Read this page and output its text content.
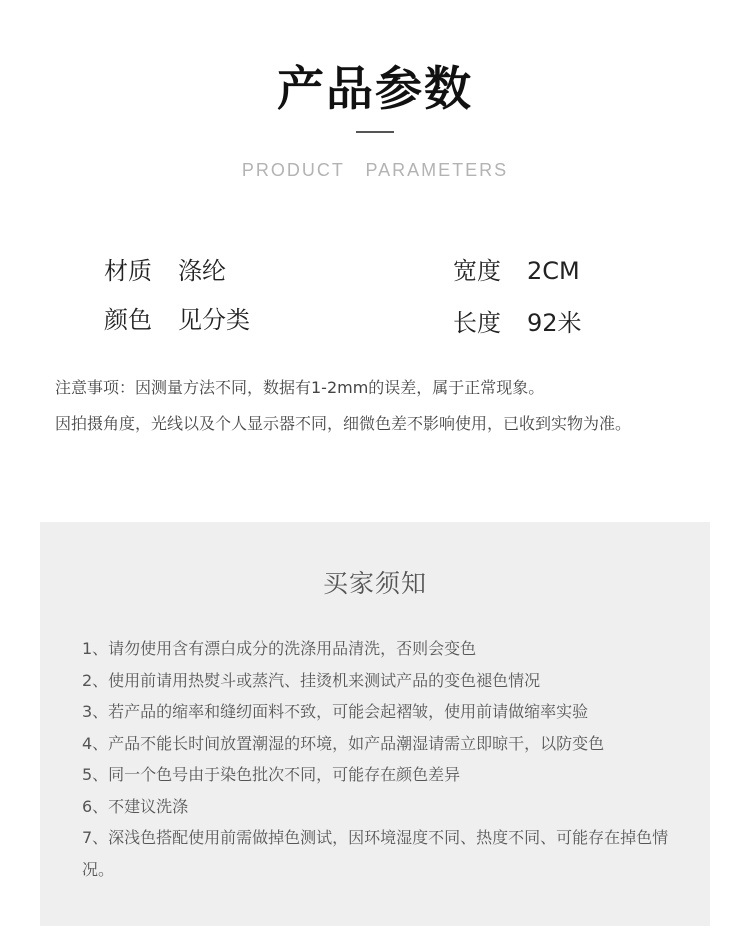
产品参数
PRODUCT   PARAMETERS
材质 涤纶
颜色 见分类
宽度 2CM
长度 92米
注意事项：因测量方法不同，数据有1-2mm的误差，属于正常现象。
因拍摄角度，光线以及个人显示器不同，细微色差不影响使用，已收到实物为准。
买家须知
1、请勿使用含有漂白成分的洗涤用品清洗，否则会变色
2、使用前请用热熨斗或蒸汽、挂烫机来测试产品的变色褪色情况
3、若产品的缩率和缝纫面料不致，可能会起褶皱，使用前请做缩率实验
4、产品不能长时间放置潮湿的环境，如产品潮湿请需立即晾干，以防变色
5、同一个色号由于染色批次不同，可能存在颜色差异
6、不建议洗涤
7、深浅色搭配使用前需做掉色测试，因环境湿度不同、热度不同、可能存在掉色情况。
